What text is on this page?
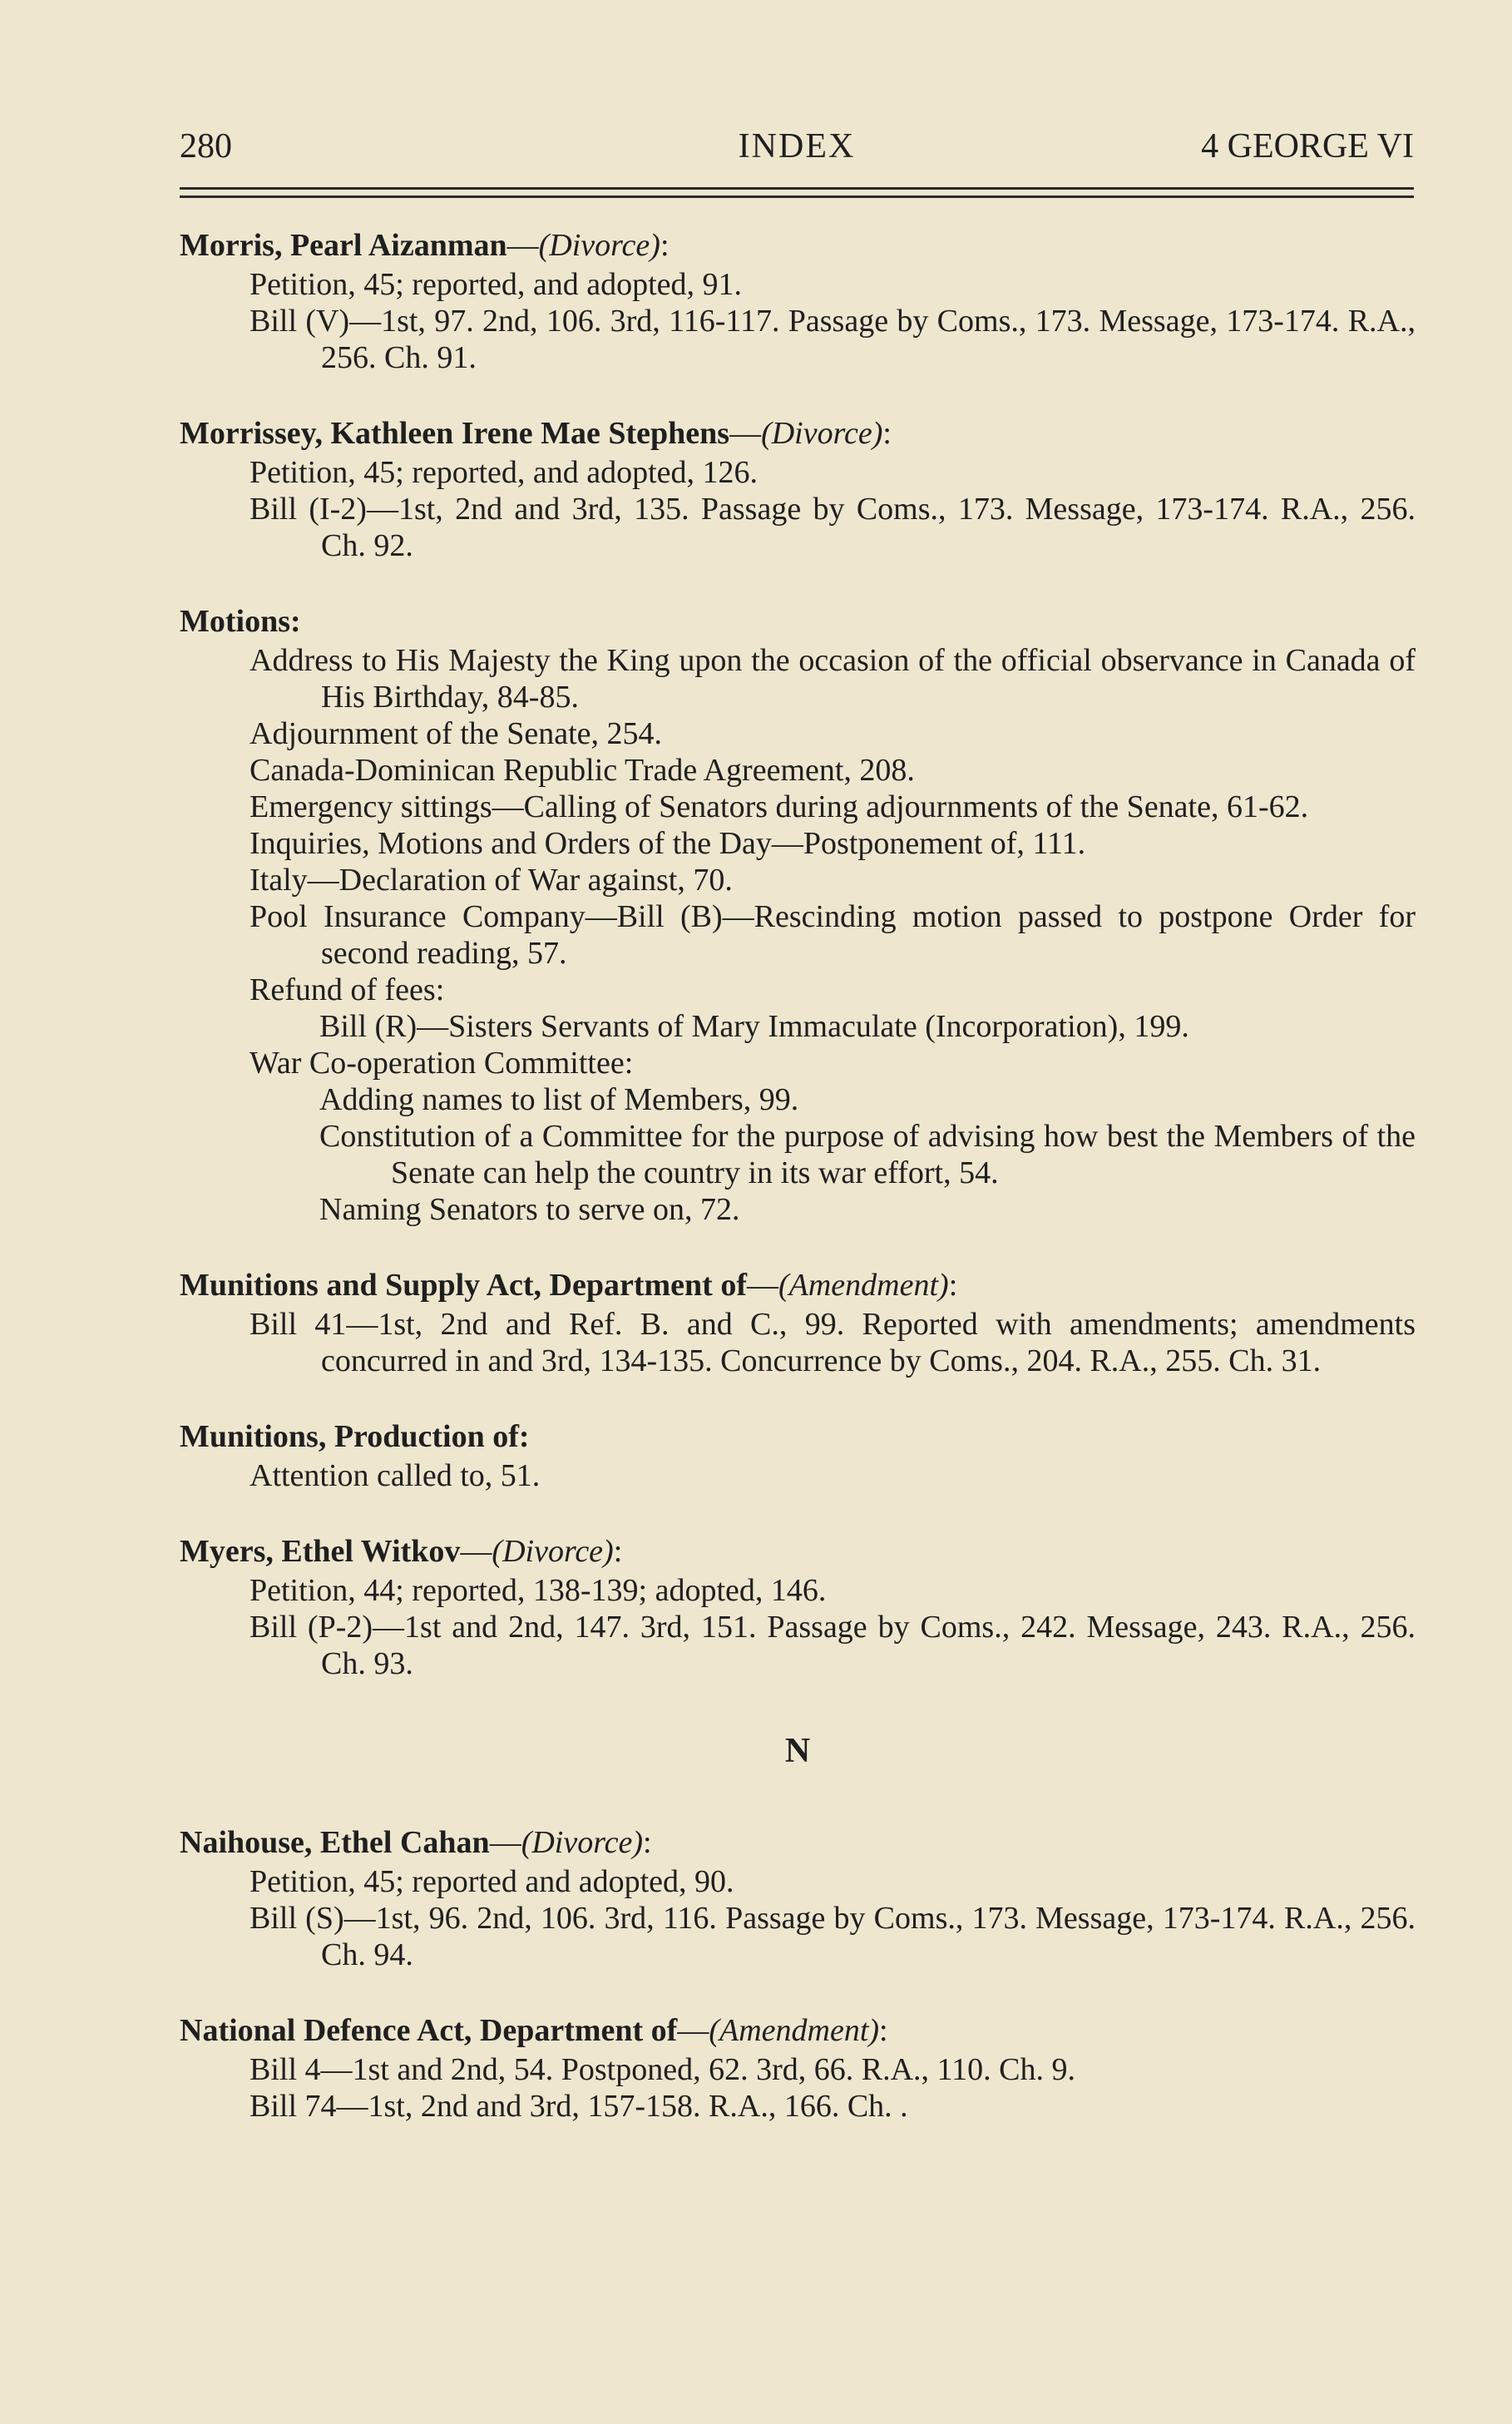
280	INDEX	4 GEORGE VI
Morris, Pearl Aizanman—(Divorce):
Petition, 45; reported, and adopted, 91.
Bill (V)—1st, 97. 2nd, 106. 3rd, 116-117. Passage by Coms., 173. Message, 173-174. R.A., 256. Ch. 91.
Morrissey, Kathleen Irene Mae Stephens—(Divorce):
Petition, 45; reported, and adopted, 126.
Bill (I-2)—1st, 2nd and 3rd, 135. Passage by Coms., 173. Message, 173-174. R.A., 256. Ch. 92.
Motions:
Address to His Majesty the King upon the occasion of the official observance in Canada of His Birthday, 84-85.
Adjournment of the Senate, 254.
Canada-Dominican Republic Trade Agreement, 208.
Emergency sittings—Calling of Senators during adjournments of the Senate, 61-62.
Inquiries, Motions and Orders of the Day—Postponement of, 111.
Italy—Declaration of War against, 70.
Pool Insurance Company—Bill (B)—Rescinding motion passed to postpone Order for second reading, 57.
Refund of fees:
Bill (R)—Sisters Servants of Mary Immaculate (Incorporation), 199.
War Co-operation Committee:
Adding names to list of Members, 99.
Constitution of a Committee for the purpose of advising how best the Members of the Senate can help the country in its war effort, 54.
Naming Senators to serve on, 72.
Munitions and Supply Act, Department of—(Amendment):
Bill 41—1st, 2nd and Ref. B. and C., 99. Reported with amendments; amendments concurred in and 3rd, 134-135. Concurrence by Coms., 204. R.A., 255. Ch. 31.
Munitions, Production of:
Attention called to, 51.
Myers, Ethel Witkov—(Divorce):
Petition, 44; reported, 138-139; adopted, 146.
Bill (P-2)—1st and 2nd, 147. 3rd, 151. Passage by Coms., 242. Message, 243. R.A., 256. Ch. 93.
N
Naihouse, Ethel Cahan—(Divorce):
Petition, 45; reported and adopted, 90.
Bill (S)—1st, 96. 2nd, 106. 3rd, 116. Passage by Coms., 173. Message, 173-174. R.A., 256. Ch. 94.
National Defence Act, Department of—(Amendment):
Bill 4—1st and 2nd, 54. Postponed, 62. 3rd, 66. R.A., 110. Ch. 9.
Bill 74—1st, 2nd and 3rd, 157-158. R.A., 166. Ch. .
